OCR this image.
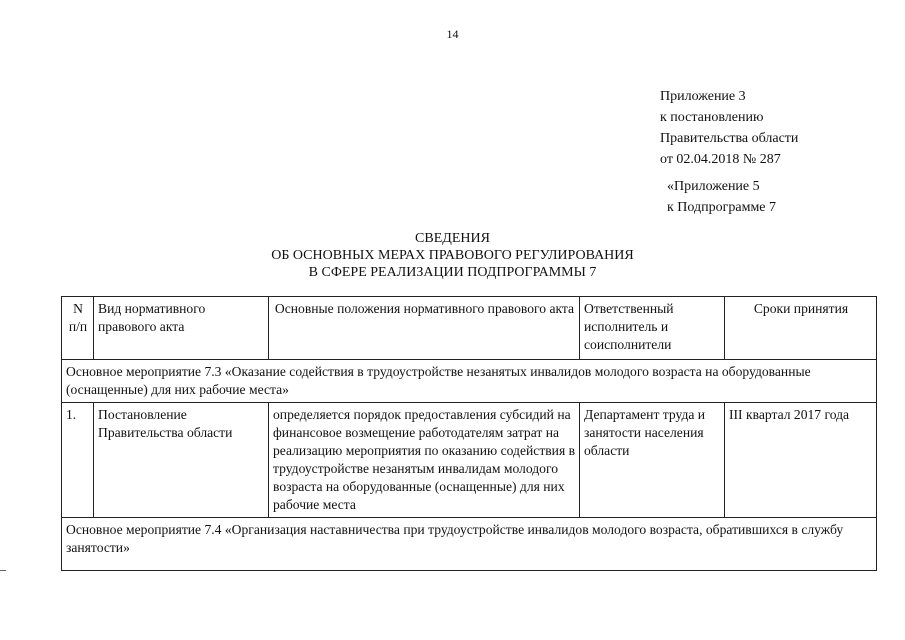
14
Приложение 3
к постановлению
Правительства области
от 02.04.2018 № 287
«Приложение 5
к Подпрограмме 7
СВЕДЕНИЯ
ОБ ОСНОВНЫХ МЕРАХ ПРАВОВОГО РЕГУЛИРОВАНИЯ
В СФЕРЕ РЕАЛИЗАЦИИ ПОДПРОГРАММЫ 7
N п/п	Вид нормативного правового акта	Основные положения нормативного правового акта	Ответственный исполнитель и соисполнители	Сроки принятия
Основное мероприятие 7.3 «Оказание содействия в трудоустройстве незанятых инвалидов молодого возраста на оборудованные (оснащенные) для них рабочие места»				
1.	Постановление Правительства области	определяется порядок предоставления субсидий на финансовое возмещение работодателям затрат на реализацию мероприятия по оказанию содействия в трудоустройстве незанятым инвалидам молодого возраста на оборудованные (оснащенные) для них рабочие места	Департамент труда и занятости населения области	III квартал 2017 года
Основное мероприятие 7.4 «Организация наставничества при трудоустройстве инвалидов молодого возраста, обратившихся в службу занятости»				
